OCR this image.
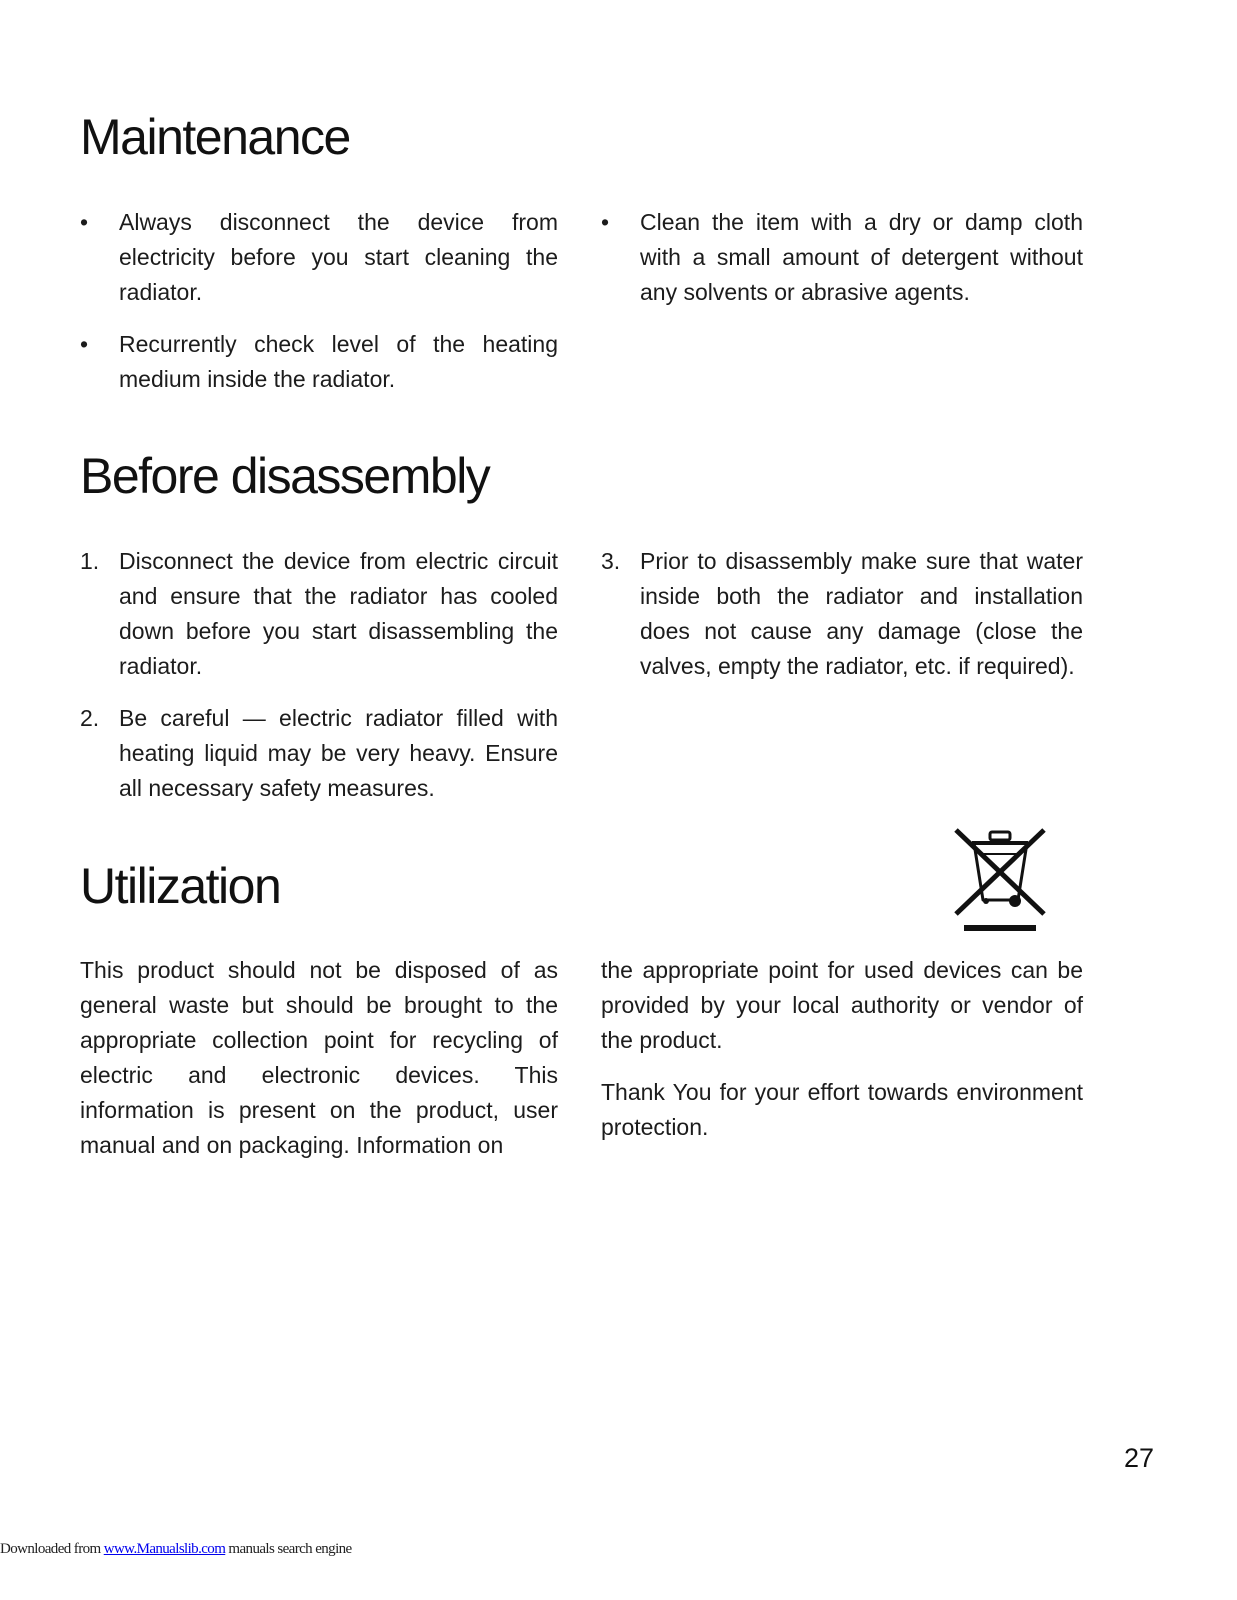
Maintenance
• Always disconnect the device from electricity before you start cleaning the radiator.
• Recurrently check level of the heating medium inside the radiator.
• Clean the item with a dry or damp cloth with a small amount of detergent without any solvents or abrasive agents.
Before disassembly
1. Disconnect the device from electric circuit and ensure that the radiator has cooled down before you start disassembling the radiator.
2. Be careful — electric radiator filled with heating liquid may be very heavy. Ensure all necessary safety measures.
3. Prior to disassembly make sure that water inside both the radiator and installation does not cause any damage (close the valves, empty the radiator, etc. if required).
Utilization

This product should not be disposed of as general waste but should be brought to the appropriate collection point for recycling of electric and electronic devices. This information is present on the product, user manual and on packaging. Information on

the appropriate point for used devices can be provided by your local authority or vendor of the product.

Thank You for your effort towards environment protection.

27
Downloaded from www.Manualslib.com manuals search engine
